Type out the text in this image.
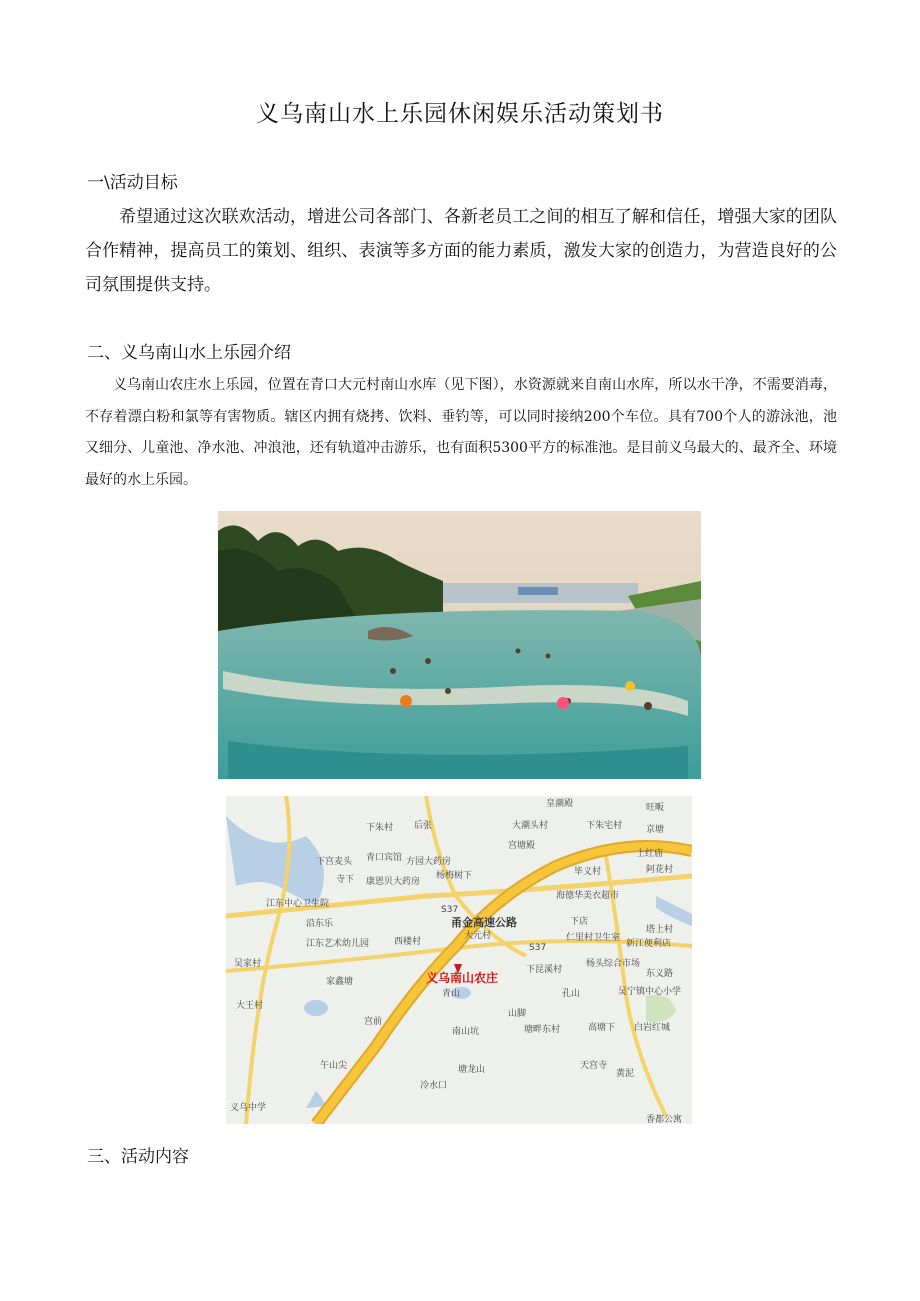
义乌南山水上乐园休闲娱乐活动策划书
一\活动目标

希望通过这次联欢活动，增进公司各部门、各新老员工之间的相互了解和信任，增强大家的团队合作精神，提高员工的策划、组织、表演等多方面的能力素质，激发大家的创造力，为营造良好的公司氛围提供支持。

二、义乌南山水上乐园介绍

义乌南山农庄水上乐园，位置在青口大元村南山水库（见下图），水资源就来自南山水库，所以水干净，不需要消毒，不存着漂白粉和氯等有害物质。辖区内拥有烧拷、饮料、垂钓等，可以同时接纳200个车位。具有700个人的游泳池，池又细分、儿童池、净水池、冲浪池，还有轨道冲击游乐，也有面积5300平方的标准池。是目前义乌最大的、最齐全、环境最好的水上乐园。

甬金高速公路
S37
S37
义乌南山农庄
皇潮殿	旺畈
下朱村 后张	大潮头村	下朱宅村	京塘
宫塘殿
上红庙
下宫麦头 青口宾馆 方园大药房
寺下 康恩贝大药房
杨梅树下	毕义村	阿花村
海德华美衣超市
江东中心卫生院
下店
塔上村
沿东乐
仁里村卫生室
新江便利店
江东艺术幼儿园	西楼村
大元村
下昆溪村
杨头综合市场
东义路
吴家村
家鑫塘
青山	孔山
大王村
宫前
山脚
南山坑	塘畔东村	高塘下 白岩红城
午山尖	塘龙山	天宫寺
黄泥
冷水口
义乌中学
香都公寓
吴宁镇中心小学
三、活动内容
